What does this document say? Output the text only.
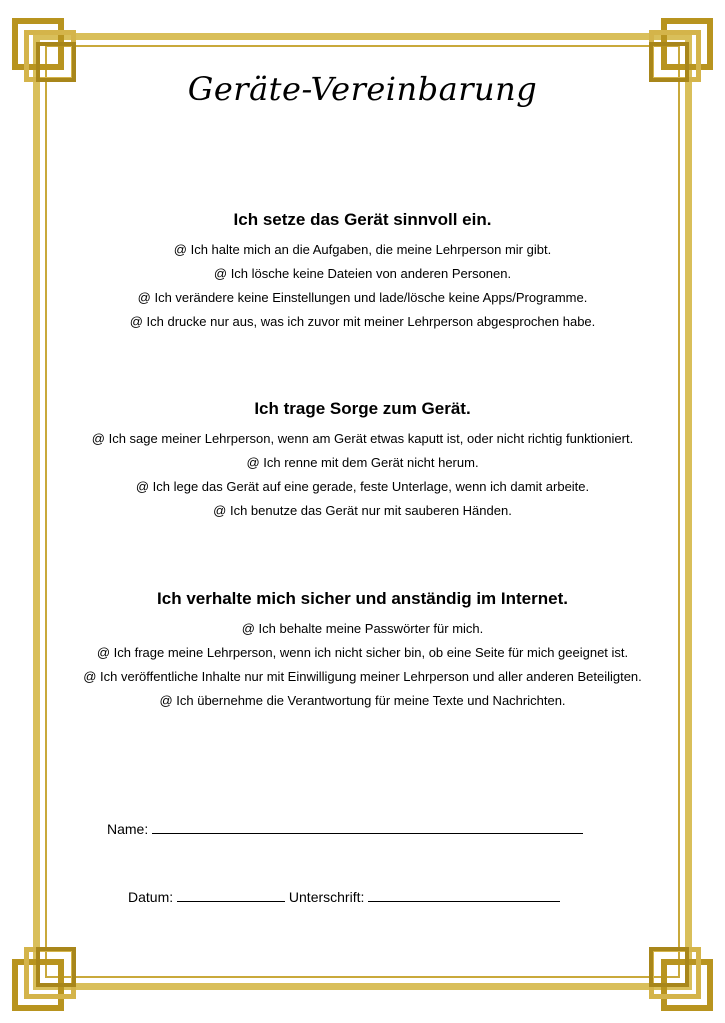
Geräte-Vereinbarung
Ich setze das Gerät sinnvoll ein.
@ Ich halte mich an die Aufgaben, die meine Lehrperson mir gibt.
@ Ich lösche keine Dateien von anderen Personen.
@ Ich verändere keine Einstellungen und lade/lösche keine Apps/Programme.
@ Ich drucke nur aus, was ich zuvor mit meiner Lehrperson abgesprochen habe.
Ich trage Sorge zum Gerät.
@ Ich sage meiner Lehrperson, wenn am Gerät etwas kaputt ist, oder nicht richtig funktioniert.
@ Ich renne mit dem Gerät nicht herum.
@ Ich lege das Gerät auf eine gerade, feste Unterlage, wenn ich damit arbeite.
@ Ich benutze das Gerät nur mit sauberen Händen.
Ich verhalte mich sicher und anständig im Internet.
@ Ich behalte meine Passwörter für mich.
@ Ich frage meine Lehrperson, wenn ich nicht sicher bin, ob eine Seite für mich geeignet ist.
@ Ich veröffentliche Inhalte nur mit Einwilligung meiner Lehrperson und aller anderen Beteiligten.
@ Ich übernehme die Verantwortung für meine Texte und Nachrichten.
Name:
Datum:	Unterschrift:
